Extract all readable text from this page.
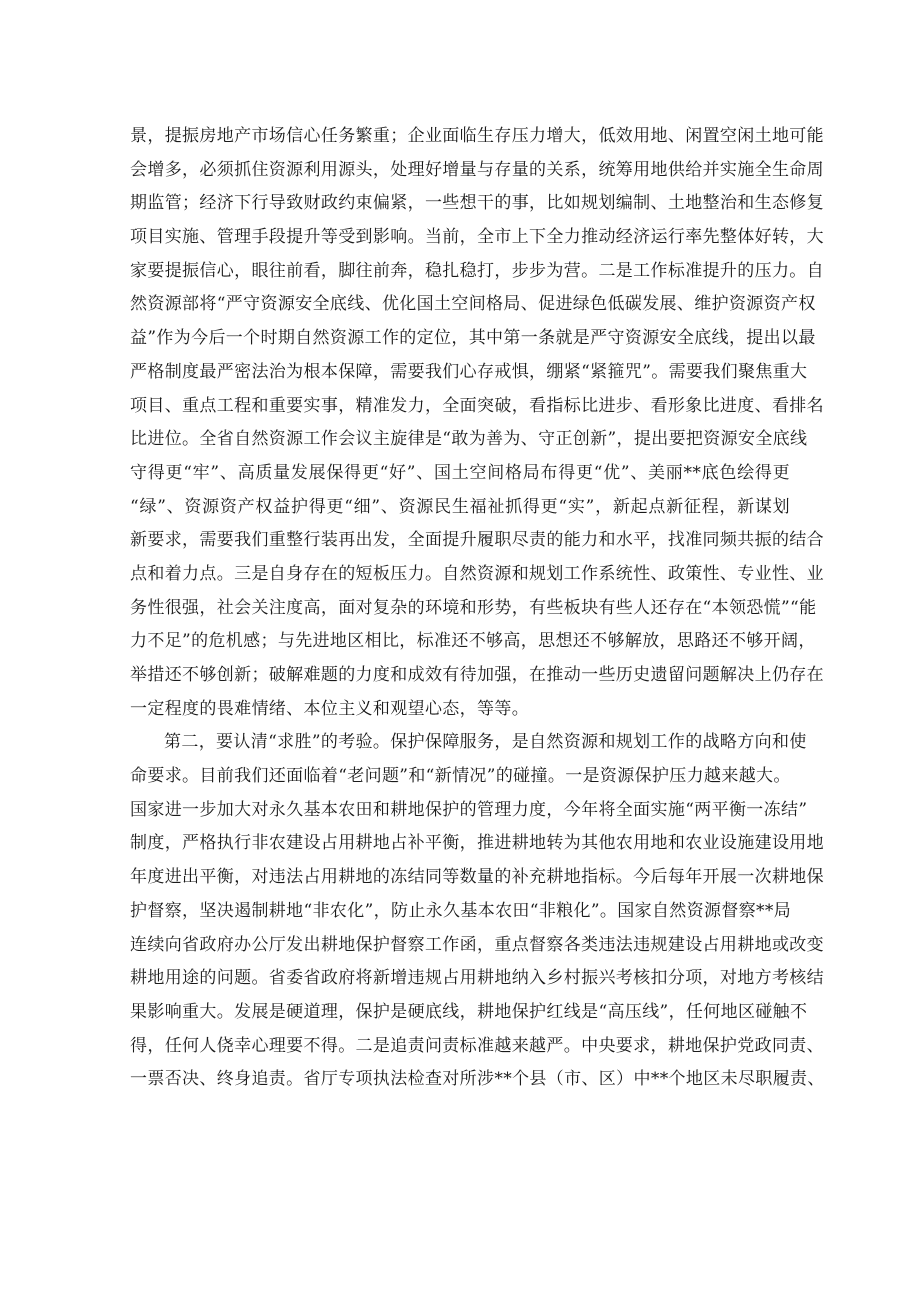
景，提振房地产市场信心任务繁重；企业面临生存压力增大，低效用地、闲置空闲土地可能
会增多，必须抓住资源利用源头，处理好增量与存量的关系，统筹用地供给并实施全生命周
期监管；经济下行导致财政约束偏紧，一些想干的事，比如规划编制、土地整治和生态修复
项目实施、管理手段提升等受到影响。当前，全市上下全力推动经济运行率先整体好转，大
家要提振信心，眼往前看，脚往前奔，稳扎稳打，步步为营。二是工作标准提升的压力。自
然资源部将“严守资源安全底线、优化国土空间格局、促进绿色低碳发展、维护资源资产权
益”作为今后一个时期自然资源工作的定位，其中第一条就是严守资源安全底线，提出以最
严格制度最严密法治为根本保障，需要我们心存戒惧，绷紧“紧箍咒”。需要我们聚焦重大
项目、重点工程和重要实事，精准发力，全面突破，看指标比进步、看形象比进度、看排名
比进位。全省自然资源工作会议主旋律是“敢为善为、守正创新”，提出要把资源安全底线
守得更“牢”、高质量发展保得更“好”、国土空间格局布得更“优”、美丽**底色绘得更
“绿”、资源资产权益护得更“细”、资源民生福祉抓得更“实”，新起点新征程，新谋划
新要求，需要我们重整行装再出发，全面提升履职尽责的能力和水平，找准同频共振的结合
点和着力点。三是自身存在的短板压力。自然资源和规划工作系统性、政策性、专业性、业
务性很强，社会关注度高，面对复杂的环境和形势，有些板块有些人还存在“本领恐慌”“能
力不足”的危机感；与先进地区相比，标准还不够高，思想还不够解放，思路还不够开阔，
举措还不够创新；破解难题的力度和成效有待加强，在推动一些历史遗留问题解决上仍存在
一定程度的畏难情绪、本位主义和观望心态，等等。
第二，要认清“求胜”的考验。保护保障服务，是自然资源和规划工作的战略方向和使
命要求。目前我们还面临着“老问题”和“新情况”的碰撞。一是资源保护压力越来越大。
国家进一步加大对永久基本农田和耕地保护的管理力度，今年将全面实施“两平衡一冻结”
制度，严格执行非农建设占用耕地占补平衡，推进耕地转为其他农用地和农业设施建设用地
年度进出平衡，对违法占用耕地的冻结同等数量的补充耕地指标。今后每年开展一次耕地保
护督察，坚决遏制耕地“非农化”，防止永久基本农田“非粮化”。国家自然资源督察**局
连续向省政府办公厅发出耕地保护督察工作函，重点督察各类违法违规建设占用耕地或改变
耕地用途的问题。省委省政府将新增违规占用耕地纳入乡村振兴考核扣分项，对地方考核结
果影响重大。发展是硬道理，保护是硬底线，耕地保护红线是“高压线”，任何地区碰触不
得，任何人侥幸心理要不得。二是追责问责标准越来越严。中央要求，耕地保护党政同责、
一票否决、终身追责。省厅专项执法检查对所涉**个县（市、区）中**个地区未尽职履责、
